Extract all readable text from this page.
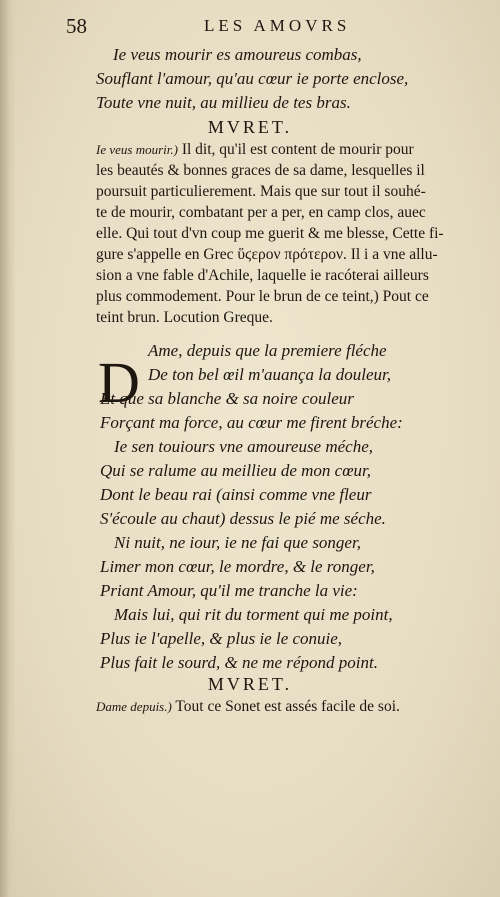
58	LES AMOVRS
Ie veus mourir es amoureus combas,
Souflant l'amour, qu'au cœur ie porte enclose,
Toute vne nuit, au millieu de tes bras.
MVRET.
Ie veus mourir.) Il dit, qu'il est content de mourir pour
les beautés & bonnes graces de sa dame, lesquelles il
poursuit particulierement. Mais que sur tout il souhé-
te de mourir, combatant per a per, en camp clos, auec
elle. Qui tout d'vn coup me guerit & me blesse, Cette fi-
gure s'appelle en Grec ὕϛερον πρότερον. Il i a vne allu-
sion a vne fable d'Achile, laquelle ie racóterai ailleurs
plus commodement. Pour le brun de ce teint,) Pout ce
teint brun. Locution Greque.
D Ame, depuis que la premiere fléche
De ton bel œil m'auança la douleur,
Et que sa blanche & sa noire couleur
Forçant ma force, au cœur me firent bréche:
Ie sen touiours vne amoureuse méche,
Qui se ralume au meillieu de mon cœur,
Dont le beau rai (ainsi comme vne fleur
S'écoule au chaut) dessus le pié me séche.
Ni nuit, ne iour, ie ne fai que songer,
Limer mon cœur, le mordre, & le ronger,
Priant Amour, qu'il me tranche la vie:
Mais lui, qui rit du torment qui me point,
Plus ie l'apelle, & plus ie le conuie,
Plus fait le sourd, & ne me répond point.
MVRET.
Dame depuis.) Tout ce Sonet est assés facile de soi.
